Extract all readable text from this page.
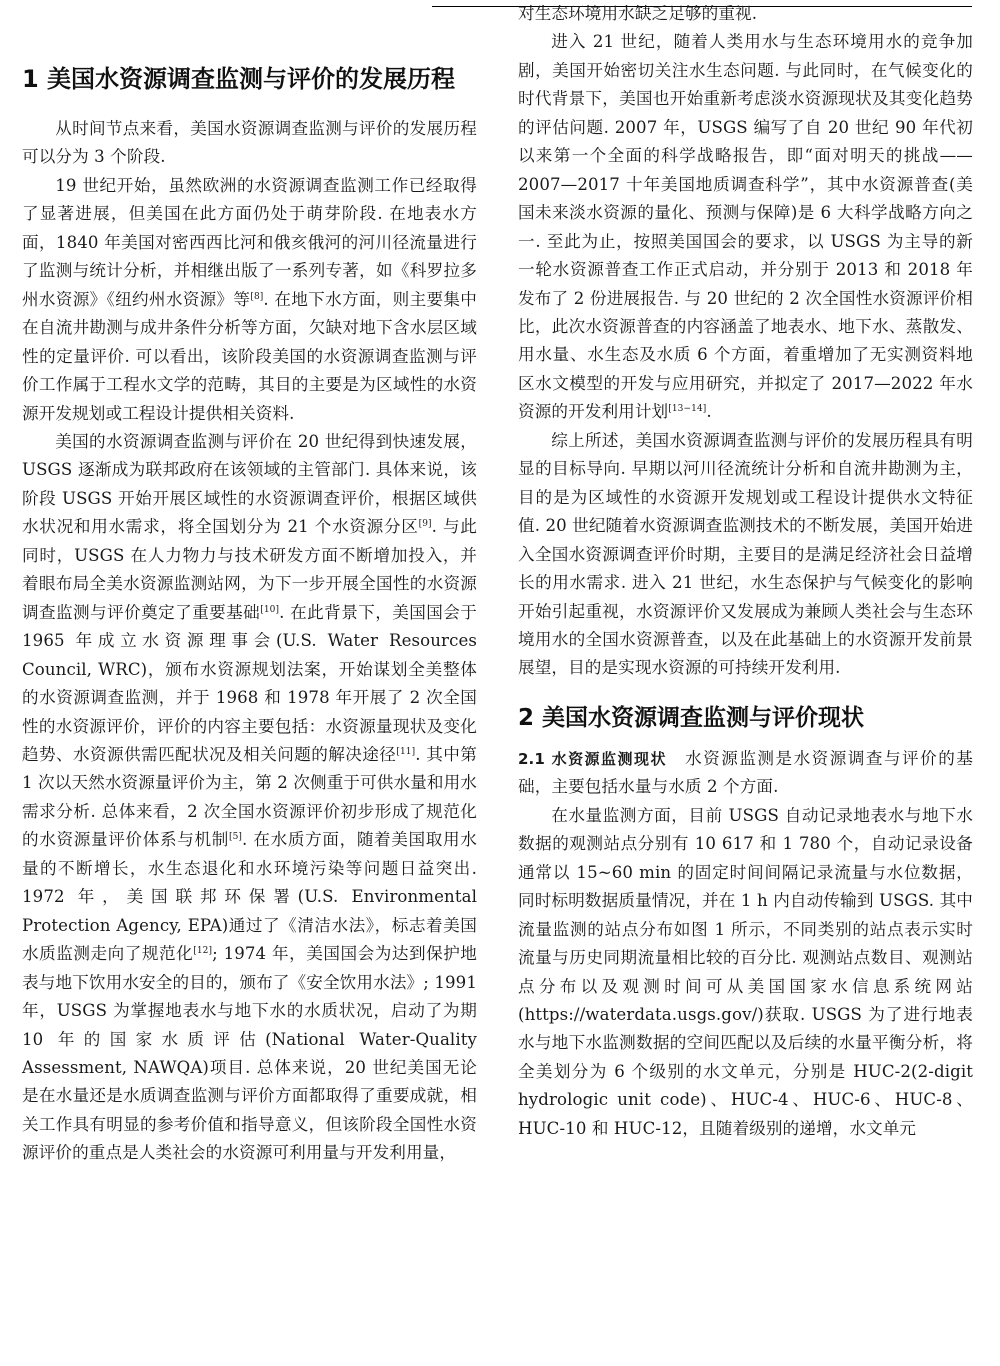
1 美国水资源调查监测与评价的发展历程

从时间节点来看，美国水资源调查监测与评价的发展历程可以分为 3 个阶段.

19 世纪开始，虽然欧洲的水资源调查监测工作已经取得了显著进展，但美国在此方面仍处于萌芽阶段. 在地表水方面，1840 年美国对密西西比河和俄亥俄河的河川径流量进行了监测与统计分析，并相继出版了一系列专著，如《科罗拉多州水资源》《纽约州水资源》等[8]. 在地下水方面，则主要集中在自流井勘测与成井条件分析等方面，欠缺对地下含水层区域性的定量评价. 可以看出，该阶段美国的水资源调查监测与评价工作属于工程水文学的范畴，其目的主要是为区域性的水资源开发规划或工程设计提供相关资料.

美国的水资源调查监测与评价在 20 世纪得到快速发展，USGS 逐渐成为联邦政府在该领域的主管部门. 具体来说，该阶段 USGS 开始开展区域性的水资源调查评价，根据区域供水状况和用水需求，将全国划分为 21 个水资源分区[9]. 与此同时，USGS 在人力物力与技术研发方面不断增加投入，并着眼布局全美水资源监测站网，为下一步开展全国性的水资源调查监测与评价奠定了重要基础[10]. 在此背景下，美国国会于 1965 年成立水资源理事会(U.S. Water Resources Council, WRC)，颁布水资源规划法案，开始谋划全美整体的水资源调查监测，并于 1968 和 1978 年开展了 2 次全国性的水资源评价，评价的内容主要包括：水资源量现状及变化趋势、水资源供需匹配状况及相关问题的解决途径[11]. 其中第 1 次以天然水资源量评价为主，第 2 次侧重于可供水量和用水需求分析. 总体来看，2 次全国水资源评价初步形成了规范化的水资源量评价体系与机制[5]. 在水质方面，随着美国取用水量的不断增长，水生态退化和水环境污染等问题日益突出. 1972 年，美国联邦环保署(U.S. Environmental Protection Agency, EPA)通过了《清洁水法》，标志着美国水质监测走向了规范化[12]; 1974 年，美国国会为达到保护地表与地下饮用水安全的目的，颁布了《安全饮用水法》; 1991 年，USGS 为掌握地表水与地下水的水质状况，启动了为期 10 年的国家水质评估(National Water-Quality Assessment, NAWQA)项目. 总体来说，20 世纪美国无论是在水量还是水质调查监测与评价方面都取得了重要成就，相关工作具有明显的参考价值和指导意义，但该阶段全国性水资源评价的重点是人类社会的水资源可利用量与开发利用量，

对生态环境用水缺乏足够的重视.

进入 21 世纪，随着人类用水与生态环境用水的竞争加剧，美国开始密切关注水生态问题. 与此同时，在气候变化的时代背景下，美国也开始重新考虑淡水资源现状及其变化趋势的评估问题. 2007 年，USGS 编写了自 20 世纪 90 年代初以来第一个全面的科学战略报告，即“面对明天的挑战——2007—2017 十年美国地质调查科学”，其中水资源普查(美国未来淡水资源的量化、预测与保障)是 6 大科学战略方向之一. 至此为止，按照美国国会的要求，以 USGS 为主导的新一轮水资源普查工作正式启动，并分别于 2013 和 2018 年发布了 2 份进展报告. 与 20 世纪的 2 次全国性水资源评价相比，此次水资源普查的内容涵盖了地表水、地下水、蒸散发、用水量、水生态及水质 6 个方面，着重增加了无实测资料地区水文模型的开发与应用研究，并拟定了 2017—2022 年水资源的开发利用计划[13−14].

综上所述，美国水资源调查监测与评价的发展历程具有明显的目标导向. 早期以河川径流统计分析和自流井勘测为主，目的是为区域性的水资源开发规划或工程设计提供水文特征值. 20 世纪随着水资源调查监测技术的不断发展，美国开始进入全国水资源调查评价时期，主要目的是满足经济社会日益增长的用水需求. 进入 21 世纪，水生态保护与气候变化的影响开始引起重视，水资源评价又发展成为兼顾人类社会与生态环境用水的全国水资源普查，以及在此基础上的水资源开发前景展望，目的是实现水资源的可持续开发利用.

2 美国水资源调查监测与评价现状

2.1 水资源监测现状　 水资源监测是水资源调查与评价的基础，主要包括水量与水质 2 个方面.

在水量监测方面，目前 USGS 自动记录地表水与地下水数据的观测站点分别有 10 617 和 1 780 个，自动记录设备通常以 15~60 min 的固定时间间隔记录流量与水位数据，同时标明数据质量情况，并在 1 h 内自动传输到 USGS. 其中流量监测的站点分布如图 1 所示，不同类别的站点表示实时流量与历史同期流量相比较的百分比. 观测站点数目、观测站点分布以及观测时间可从美国国家水信息系统网站(https://waterdata.usgs.gov/)获取. USGS 为了进行地表水与地下水监测数据的空间匹配以及后续的水量平衡分析，将全美划分为 6 个级别的水文单元，分别是 HUC-2(2-digit hydrologic unit code)、HUC-4、HUC-6、HUC-8、HUC-10 和 HUC-12，且随着级别的递增，水文单元
